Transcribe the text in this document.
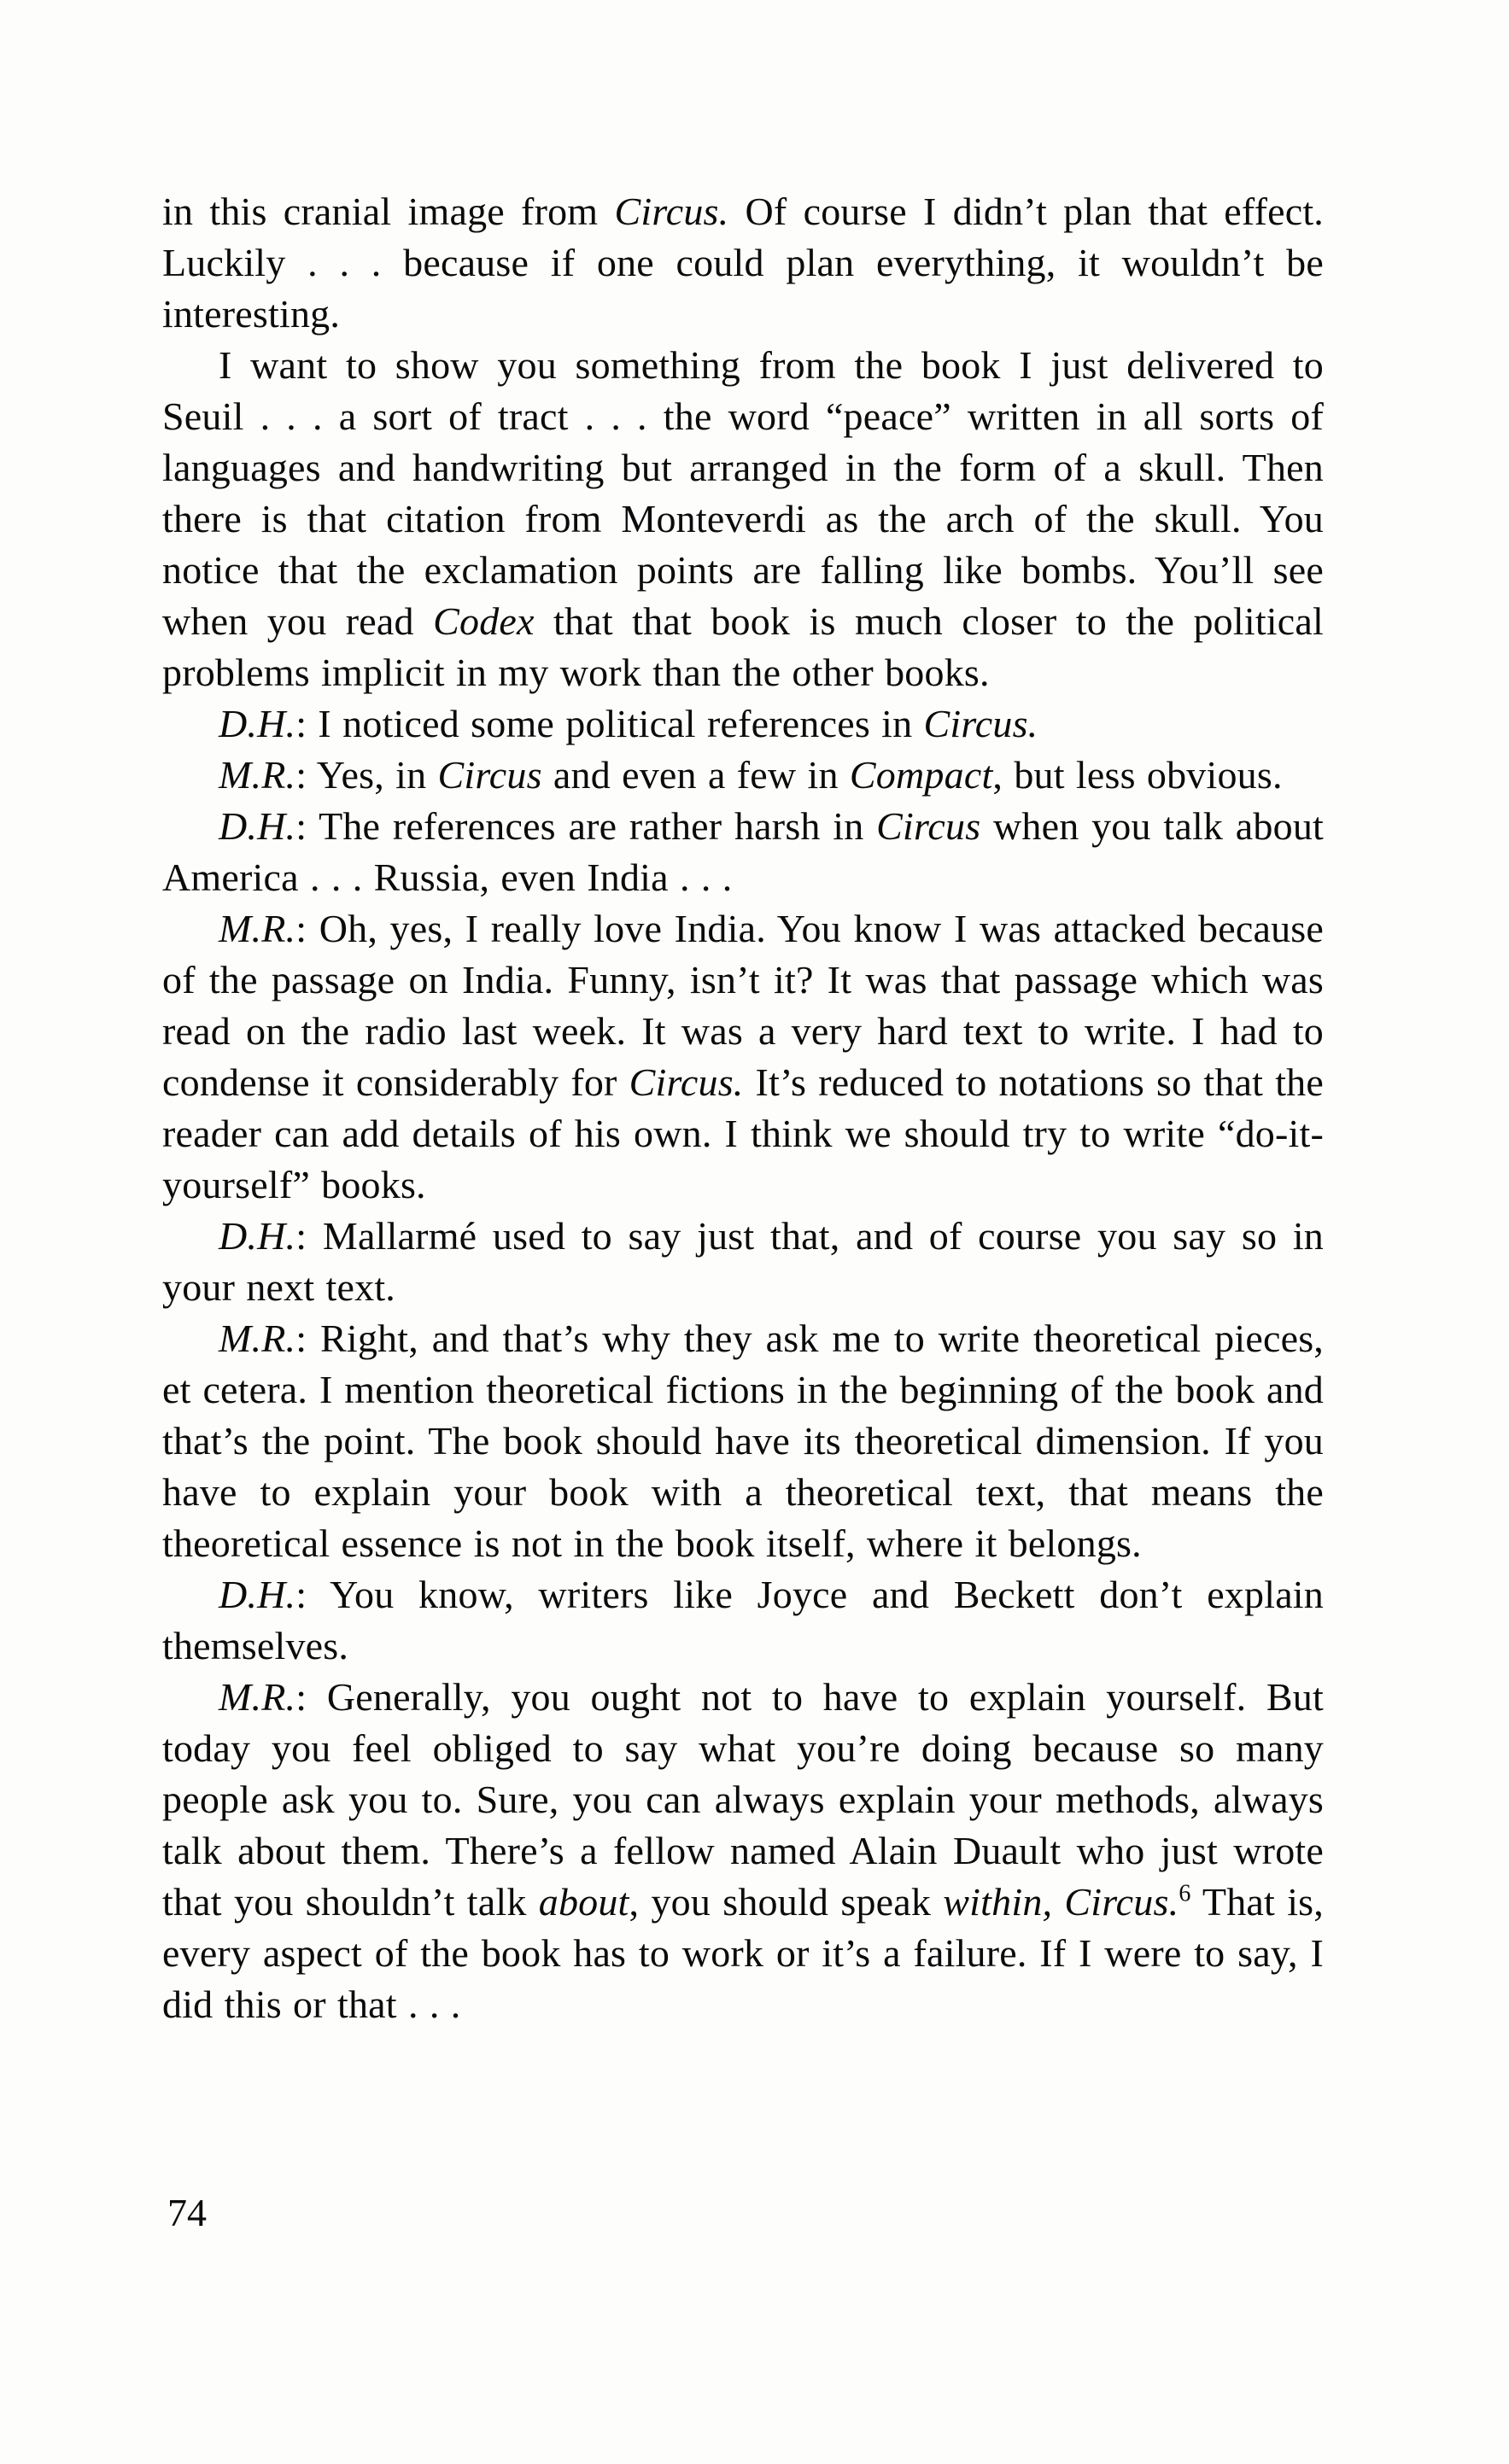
in this cranial image from Circus. Of course I didn’t plan that effect. Luckily . . . because if one could plan everything, it wouldn’t be interesting.

I want to show you something from the book I just delivered to Seuil . . . a sort of tract . . . the word “peace” written in all sorts of languages and handwriting but arranged in the form of a skull. Then there is that citation from Monteverdi as the arch of the skull. You notice that the exclamation points are falling like bombs. You’ll see when you read Codex that that book is much closer to the political problems implicit in my work than the other books.

D.H.: I noticed some political references in Circus.

M.R.: Yes, in Circus and even a few in Compact, but less obvious.

D.H.: The references are rather harsh in Circus when you talk about America . . . Russia, even India . . .

M.R.: Oh, yes, I really love India. You know I was attacked because of the passage on India. Funny, isn’t it? It was that passage which was read on the radio last week. It was a very hard text to write. I had to condense it considerably for Circus. It’s reduced to notations so that the reader can add details of his own. I think we should try to write “do-it-yourself” books.

D.H.: Mallarmé used to say just that, and of course you say so in your next text.

M.R.: Right, and that’s why they ask me to write theoretical pieces, et cetera. I mention theoretical fictions in the beginning of the book and that’s the point. The book should have its theoretical dimension. If you have to explain your book with a theoretical text, that means the theoretical essence is not in the book itself, where it belongs.

D.H.: You know, writers like Joyce and Beckett don’t explain themselves.

M.R.: Generally, you ought not to have to explain yourself. But today you feel obliged to say what you’re doing because so many people ask you to. Sure, you can always explain your methods, always talk about them. There’s a fellow named Alain Duault who just wrote that you shouldn’t talk about, you should speak within, Circus.$^6$ That is, every aspect of the book has to work or it’s a failure. If I were to say, I did this or that . . .

74
